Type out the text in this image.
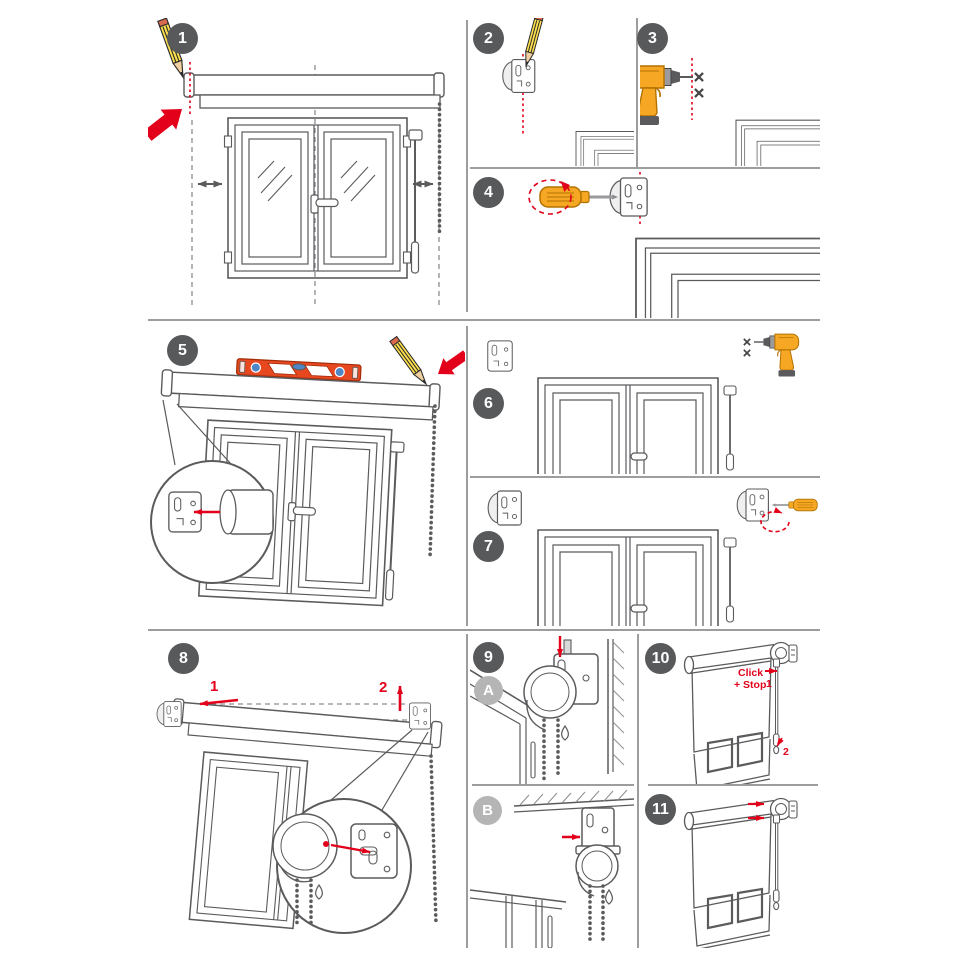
1	2
Click
+ Stop 1
2
1	2	3
4
5
6
7
8	9
A
B
10
11
